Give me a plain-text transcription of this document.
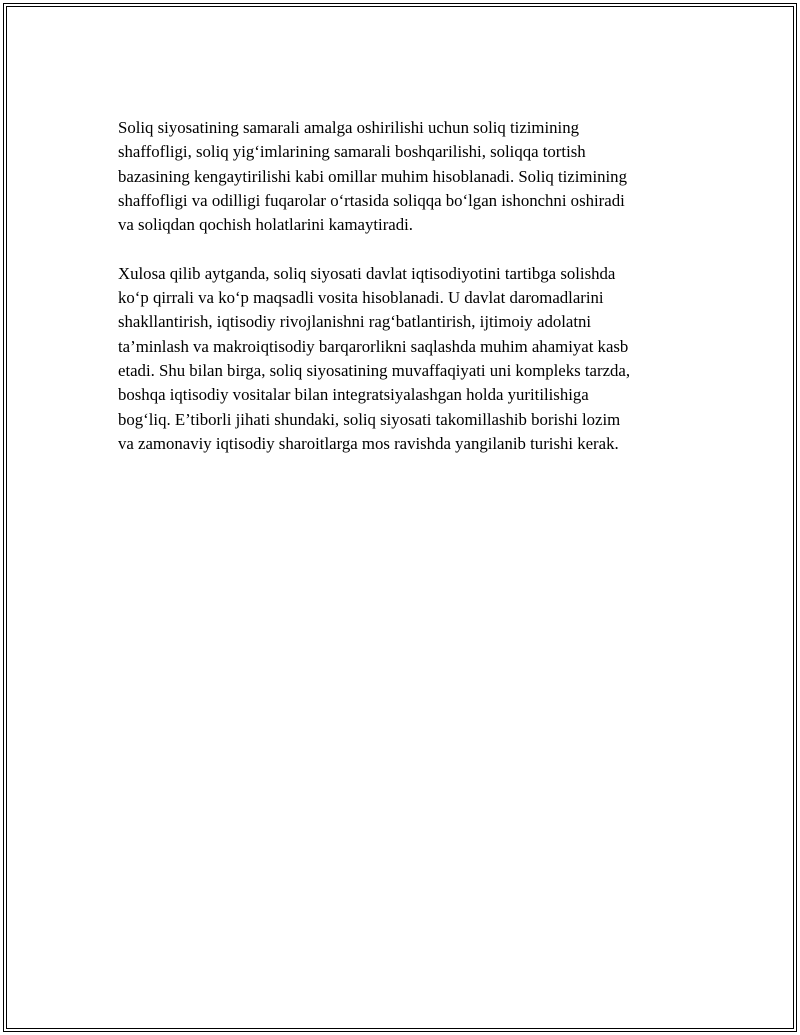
Soliq siyosatining samarali amalga oshirilishi uchun soliq tizimining
shaffofligi, soliq yig‘imlarining samarali boshqarilishi, soliqqa tortish
bazasining kengaytirilishi kabi omillar muhim hisoblanadi. Soliq tizimining
shaffofligi va odilligi fuqarolar o‘rtasida soliqqa bo‘lgan ishonchni oshiradi
va soliqdan qochish holatlarini kamaytiradi.

Xulosa qilib aytganda, soliq siyosati davlat iqtisodiyotini tartibga solishda
ko‘p qirrali va ko‘p maqsadli vosita hisoblanadi. U davlat daromadlarini
shakllantirish, iqtisodiy rivojlanishni rag‘batlantirish, ijtimoiy adolatni
ta’minlash va makroiqtisodiy barqarorlikni saqlashda muhim ahamiyat kasb
etadi. Shu bilan birga, soliq siyosatining muvaffaqiyati uni kompleks tarzda,
boshqa iqtisodiy vositalar bilan integratsiyalashgan holda yuritilishiga
bog‘liq. E’tiborli jihati shundaki, soliq siyosati takomillashib borishi lozim
va zamonaviy iqtisodiy sharoitlarga mos ravishda yangilanib turishi kerak.
